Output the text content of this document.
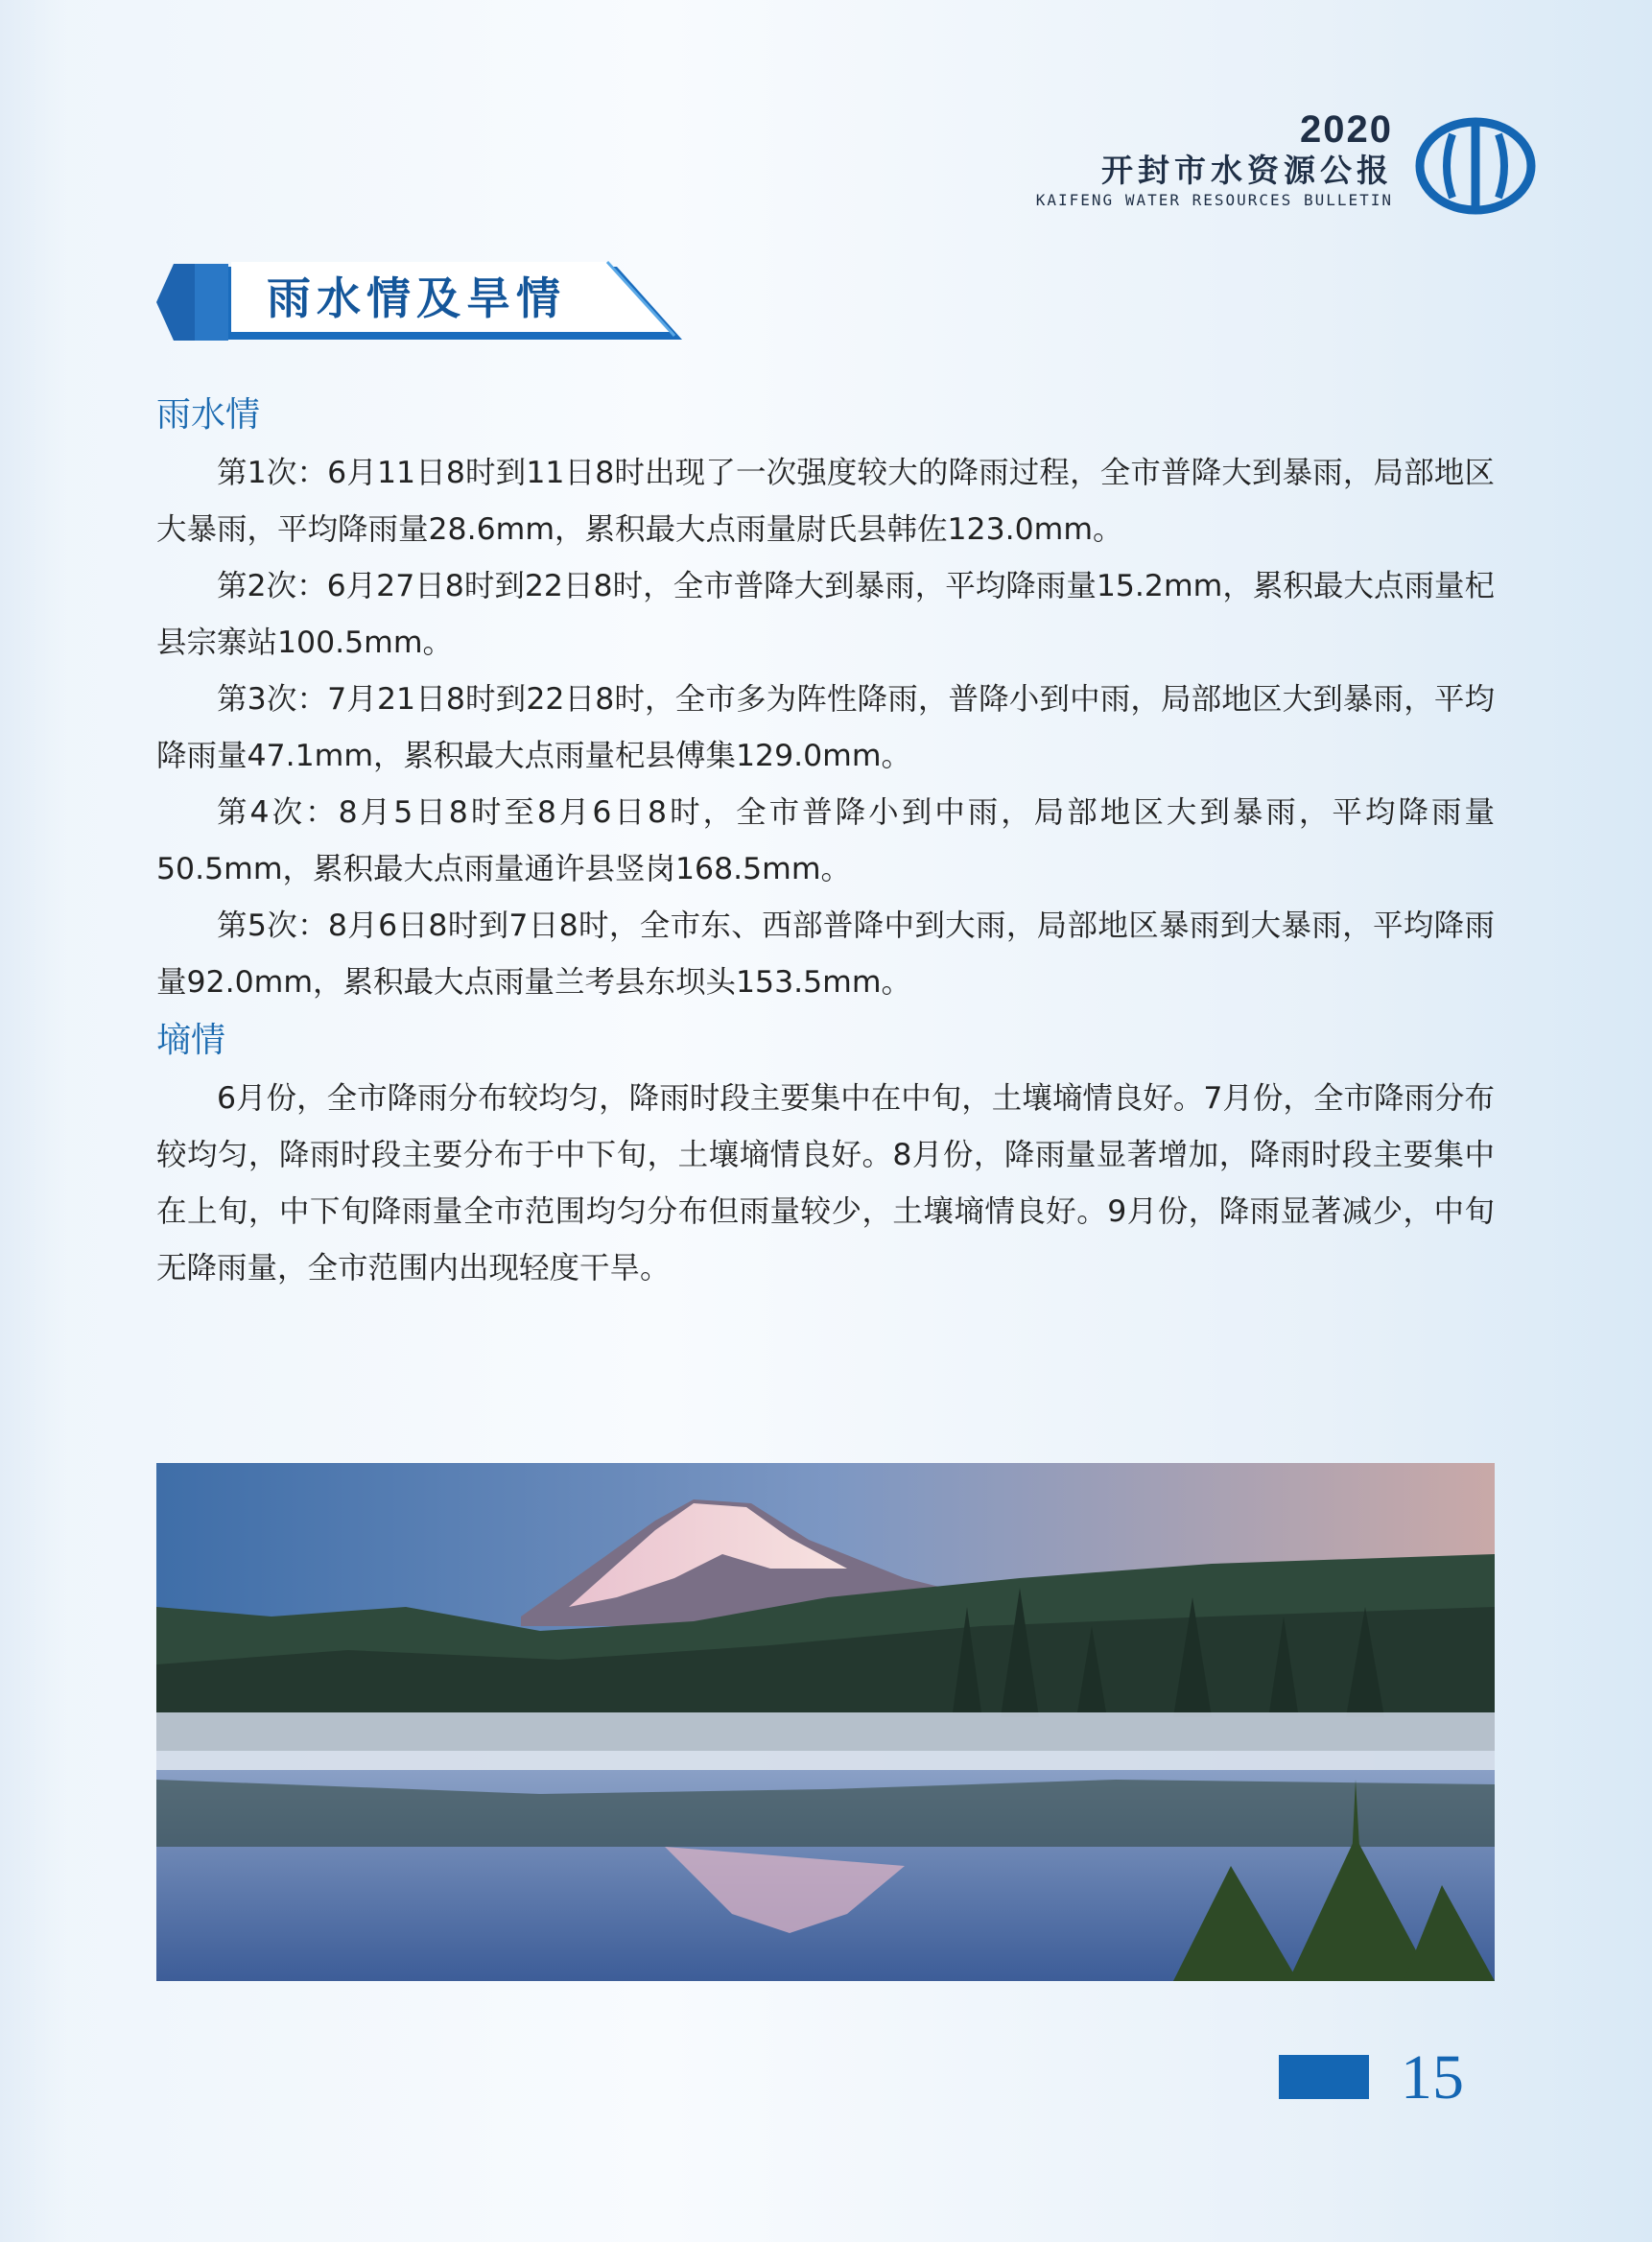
2020
开封市水资源公报
KAIFENG WATER RESOURCES BULLETIN
雨水情及旱情
雨水情

第1次：6月11日8时到11日8时出现了一次强度较大的降雨过程，全市普降大到暴雨，局部地区大暴雨，平均降雨量28.6mm，累积最大点雨量尉氏县韩佐123.0mm。

第2次：6月27日8时到22日8时，全市普降大到暴雨，平均降雨量15.2mm，累积最大点雨量杞县宗寨站100.5mm。

第3次：7月21日8时到22日8时，全市多为阵性降雨，普降小到中雨，局部地区大到暴雨，平均降雨量47.1mm，累积最大点雨量杞县傅集129.0mm。

第4次：8月5日8时至8月6日8时，全市普降小到中雨，局部地区大到暴雨，平均降雨量50.5mm，累积最大点雨量通许县竖岗168.5mm。

第5次：8月6日8时到7日8时，全市东、西部普降中到大雨，局部地区暴雨到大暴雨，平均降雨量92.0mm，累积最大点雨量兰考县东坝头153.5mm。

墒情

6月份，全市降雨分布较均匀，降雨时段主要集中在中旬，土壤墒情良好。7月份，全市降雨分布较均匀，降雨时段主要分布于中下旬，土壤墒情良好。8月份，降雨量显著增加，降雨时段主要集中在上旬，中下旬降雨量全市范围均匀分布但雨量较少，土壤墒情良好。9月份，降雨显著减少，中旬无降雨量，全市范围内出现轻度干旱。

15
